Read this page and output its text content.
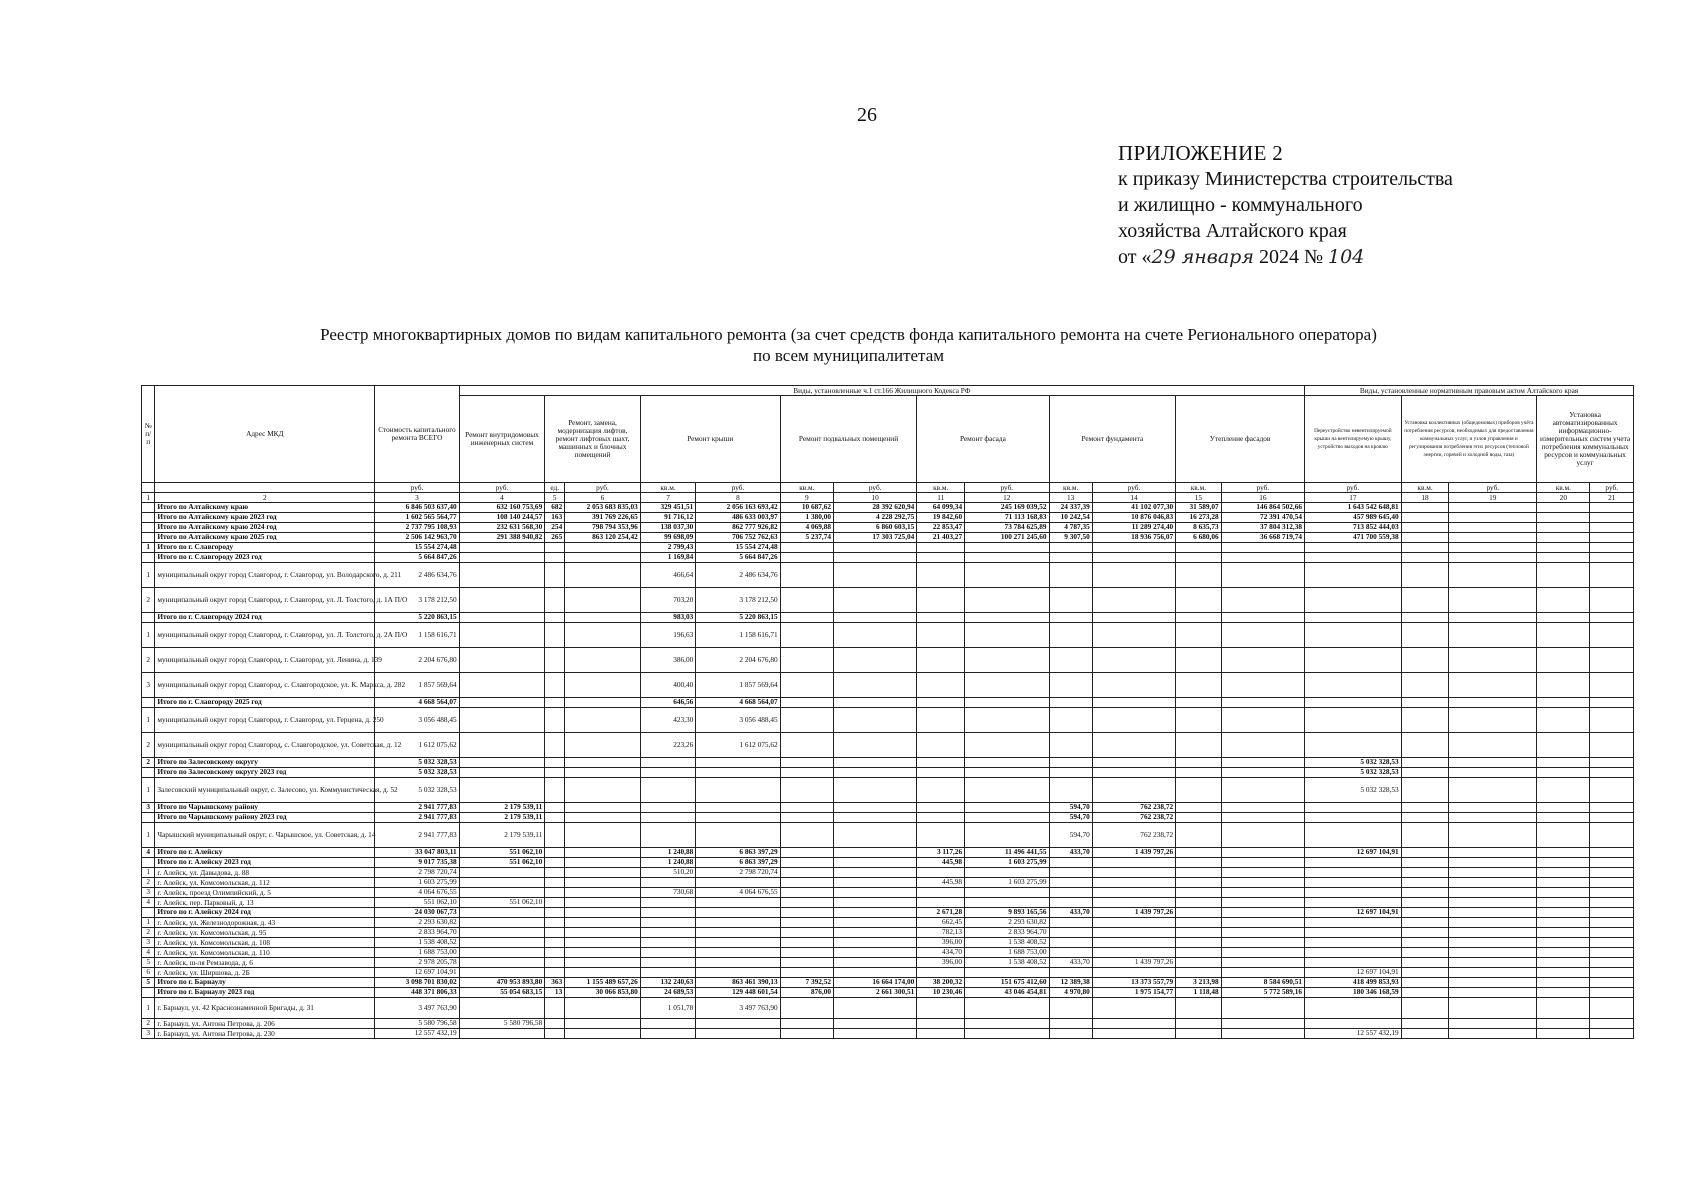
26
ПРИЛОЖЕНИЕ 2
к приказу Министерства строительства
и жилищно - коммунального
хозяйства Алтайского края
от «29 января 2024 № 104
Реестр многоквартирных домов по видам капитального ремонта (за счет средств фонда капитального ремонта на счете Регионального оператора)
по всем муниципалитетам
№ п/п	Адрес МКД	Стоимость капитального ремонта ВСЕГО	Виды, установленные ч.1 ст.166 Жилищного Кодекса РФ													Виды, установленные нормативным правовым актом Алтайского края				
			Ремонт внутридомовых инженерных систем	Ремонт, замена, модернизация лифтов, ремонт лифтовых шахт, машинных и блочных помещений		Ремонт крыши		Ремонт подвальных помещений		Ремонт фасада		Ремонт фундамента		Утепление фасадов		Переустройство невентилируемой крыши на вентилируемую крышу, устройство выходов на кровлю	Установка коллективных (общедомовых) приборов учёта потребления ресурсов, необходимых для предоставления коммунальных услуг, и узлов управления и регулирования потребления этих ресурсов (тепловой энергии, горячей и холодной воды, газа)		Установка автоматизированных информационно-измерительных систем учета потребления коммунальных ресурсов и коммунальных услуг	
		руб.	руб.	ед.	руб.	кв.м.	руб.	кв.м.	руб.	кв.м.	руб.	кв.м.	руб.	кв.м.	руб.	руб.	кв.м.	руб.	кв.м.	руб.
1	2	3	4	5	6	7	8	9	10	11	12	13	14	15	16	17	18	19	20	21
	Итого по Алтайскому краю	6 846 503 637,40	632 160 753,69	682	2 053 683 835,03	329 451,51	2 056 163 693,42	10 687,62	28 392 620,94	64 099,34	245 169 039,52	24 337,39	41 102 077,30	31 589,07	146 864 502,66	1 643 542 648,81				
	Итого по Алтайскому краю 2023 год	1 602 565 564,77	108 140 244,57	163	391 769 226,65	91 716,12	486 633 003,97	1 380,00	4 228 292,75	19 842,60	71 113 168,83	10 242,54	10 876 046,83	16 273,28	72 391 470,54	457 989 645,40				
	Итого по Алтайскому краю 2024 год	2 737 795 108,93	232 631 568,30	254	798 794 353,96	138 037,30	862 777 926,82	4 069,88	6 860 603,15	22 853,47	73 784 625,89	4 787,35	11 289 274,40	8 635,73	37 804 312,38	713 852 444,03				
	Итого по Алтайскому краю 2025 год	2 506 142 963,70	291 388 940,82	265	863 120 254,42	99 698,09	706 752 762,63	5 237,74	17 303 725,04	21 403,27	100 271 245,60	9 307,50	18 936 756,07	6 680,06	36 668 719,74	471 700 559,38				
1	Итого по г. Славгороду	15 554 274,48				2 799,43	15 554 274,48													
	Итого по г. Славгороду 2023 год	5 664 847,26				1 169,84	5 664 847,26													
1	муниципальный округ город Славгород, г. Славгород, ул. Володарского, д. 211	2 486 634,76				466,64	2 486 634,76													
2	муниципальный округ город Славгород, г. Славгород, ул. Л. Толстого, д. 1А П/О	3 178 212,50				703,20	3 178 212,50													
	Итого по г. Славгороду 2024 год	5 220 863,15				983,03	5 220 863,15													
1	муниципальный округ город Славгород, г. Славгород, ул. Л. Толстого, д. 2А П/О	1 158 616,71				196,63	1 158 616,71													
2	муниципальный округ город Славгород, г. Славгород, ул. Ленина, д. 139	2 204 676,80				386,00	2 204 676,80													
3	муниципальный округ город Славгород, с. Славгородское, ул. К. Маркса, д. 282	1 857 569,64				400,40	1 857 569,64													
	Итого по г. Славгороду 2025 год	4 668 564,07				646,56	4 668 564,07													
1	муниципальный округ город Славгород, г. Славгород, ул. Герцена, д. 250	3 056 488,45				423,30	3 056 488,45													
2	муниципальный округ город Славгород, с. Славгородское, ул. Советская, д. 12	1 612 075,62				223,26	1 612 075,62													
2	Итого по Залесовскому округу	5 032 328,53														5 032 328,53				
	Итого по Залесовскому округу 2023 год	5 032 328,53														5 032 328,53				
1	Залесовский муниципальный округ, с. Залесово, ул. Коммунистическая, д. 52	5 032 328,53														5 032 328,53				
3	Итого по Чарышскому району	2 941 777,83	2 179 539,11									594,70	762 238,72							
	Итого по Чарышскому району 2023 год	2 941 777,83	2 179 539,11									594,70	762 238,72							
1	Чарышский муниципальный округ, с. Чарышское, ул. Советская, д. 14	2 941 777,83	2 179 539,11									594,70	762 238,72							
4	Итого по г. Алейску	33 047 803,11	551 062,10			1 240,88	6 863 397,29			3 117,26	11 496 441,55	433,70	1 439 797,26			12 697 104,91				
	Итого по г. Алейску 2023 год	9 017 735,38	551 062,10			1 240,88	6 863 397,29			445,98	1 603 275,99									
1	г. Алейск, ул. Давыдова, д. 88	2 798 720,74				510,20	2 798 720,74													
2	г. Алейск, ул. Комсомольская, д. 112	1 603 275,99								445,98	1 603 275,99									
3	г. Алейск, проезд Олимпийский, д. 5	4 064 676,55				730,68	4 064 676,55													
4	г. Алейск, пер. Парковый, д. 13	551 062,10	551 062,10																	
	Итого по г. Алейску 2024 год	24 030 067,73								2 671,28	9 893 165,56	433,70	1 439 797,26			12 697 104,91				
1	г. Алейск, ул. Железнодорожная, д. 43	2 293 630,82								662,45	2 293 630,82									
2	г. Алейск, ул. Комсомольская, д. 95	2 833 964,70								782,13	2 833 964,70									
3	г. Алейск, ул. Комсомольская, д. 108	1 538 408,52								396,00	1 538 408,52									
4	г. Алейск, ул. Комсомольская, д. 110	1 688 753,00								434,70	1 688 753,00									
5	г. Алейск, ш-ля Ремзавода, д. 6	2 978 205,78								396,00	1 538 408,52	433,70	1 439 797,26							
6	г. Алейск, ул. Ширшова, д. 2Б	12 697 104,91														12 697 104,91				
5	Итого по г. Барнаулу	3 098 701 830,02	470 953 893,80	363	1 155 489 657,26	132 240,63	863 461 390,13	7 392,52	16 664 174,00	38 200,32	151 675 412,60	12 389,38	13 373 557,79	3 213,98	8 584 690,51	418 499 853,93				
	Итого по г. Барнаулу 2023 год	448 371 806,33	55 054 683,15	13	30 066 853,80	24 689,53	129 448 601,54	876,00	2 661 300,51	10 230,46	43 046 454,81	4 970,80	1 975 154,77	1 118,48	5 772 589,16	180 346 168,59				
1	г. Барнаул, ул. 42 Краснознаменной Бригады, д. 31	3 497 763,90				1 051,78	3 497 763,90													
2	г. Барнаул, ул. Антона Петрова, д. 206	5 580 796,58	5 580 796,58																	
3	г. Барнаул, ул. Антона Петрова, д. 230	12 557 432,19														12 557 432,19				
